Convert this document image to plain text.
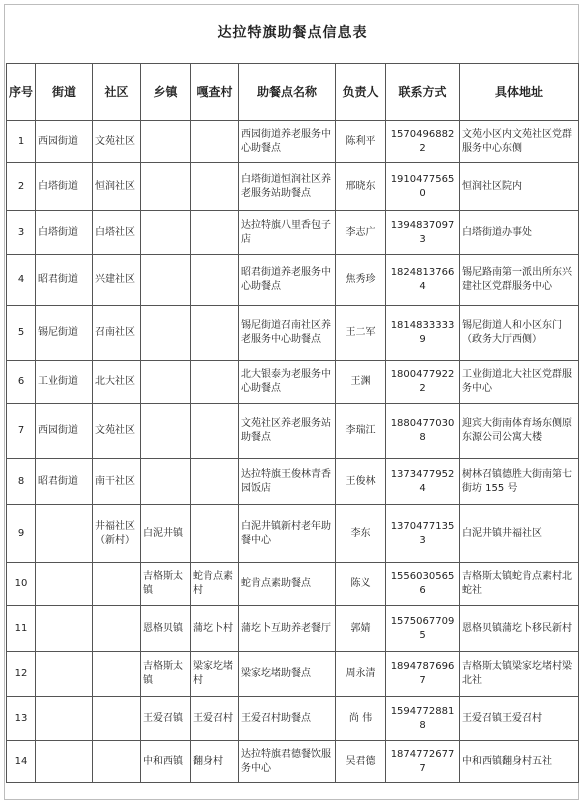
达拉特旗助餐点信息表
序号	街道	社区	乡镇	嘎查村	助餐点名称	负责人	联系方式	具体地址
1	西园街道	文苑社区			西园街道养老服务中心助餐点	陈利平	15704968822	文苑小区内文苑社区党群服务中心东侧
2	白塔街道	恒润社区			白塔街道恒润社区养老服务站助餐点	邢晓东	19104775650	恒润社区院内
3	白塔街道	白塔社区			达拉特旗八里香包子店	李志广	13948370973	白塔街道办事处
4	昭君街道	兴建社区			昭君街道养老服务中心助餐点	焦秀珍	18248137664	锡尼路南第一派出所东兴建社区党群服务中心
5	锡尼街道	召南社区			锡尼街道召南社区养老服务中心助餐点	王二军	18148333339	锡尼街道人和小区东门（政务大厅西侧）
6	工业街道	北大社区			北大银泰为老服务中心助餐点	王渊	18004779222	工业街道北大社区党群服务中心
7	西园街道	文苑社区			文苑社区养老服务站助餐点	李瑞江	18804770308	迎宾大街南体育场东侧原东源公司公寓大楼
8	昭君街道	南干社区			达拉特旗王俊林青香园饭店	王俊林	13734779524	树林召镇德胜大街南第七街坊 155 号
9		井福社区（新村）	白泥井镇		白泥井镇新村老年助餐中心	李东	13704771353	白泥井镇井福社区
10			吉格斯太镇	蛇肯点素村	蛇肯点素助餐点	陈义	15560305656	吉格斯太镇蛇肯点素村北蛇社
11			恩格贝镇	蒲圪卜村	蒲圪卜互助养老餐厅	郭婧	15750677095	恩格贝镇蒲圪卜移民新村
12			吉格斯太镇	梁家圪堵村	梁家圪堵助餐点	周永清	18947876967	吉格斯太镇梁家圪堵村梁北社
13			王爱召镇	王爱召村	王爱召村助餐点	尚 伟	15947728818	王爱召镇王爱召村
14			中和西镇	翻身村	达拉特旗君德餐饮服务中心	吴君德	18747726777	中和西镇翻身村五社
